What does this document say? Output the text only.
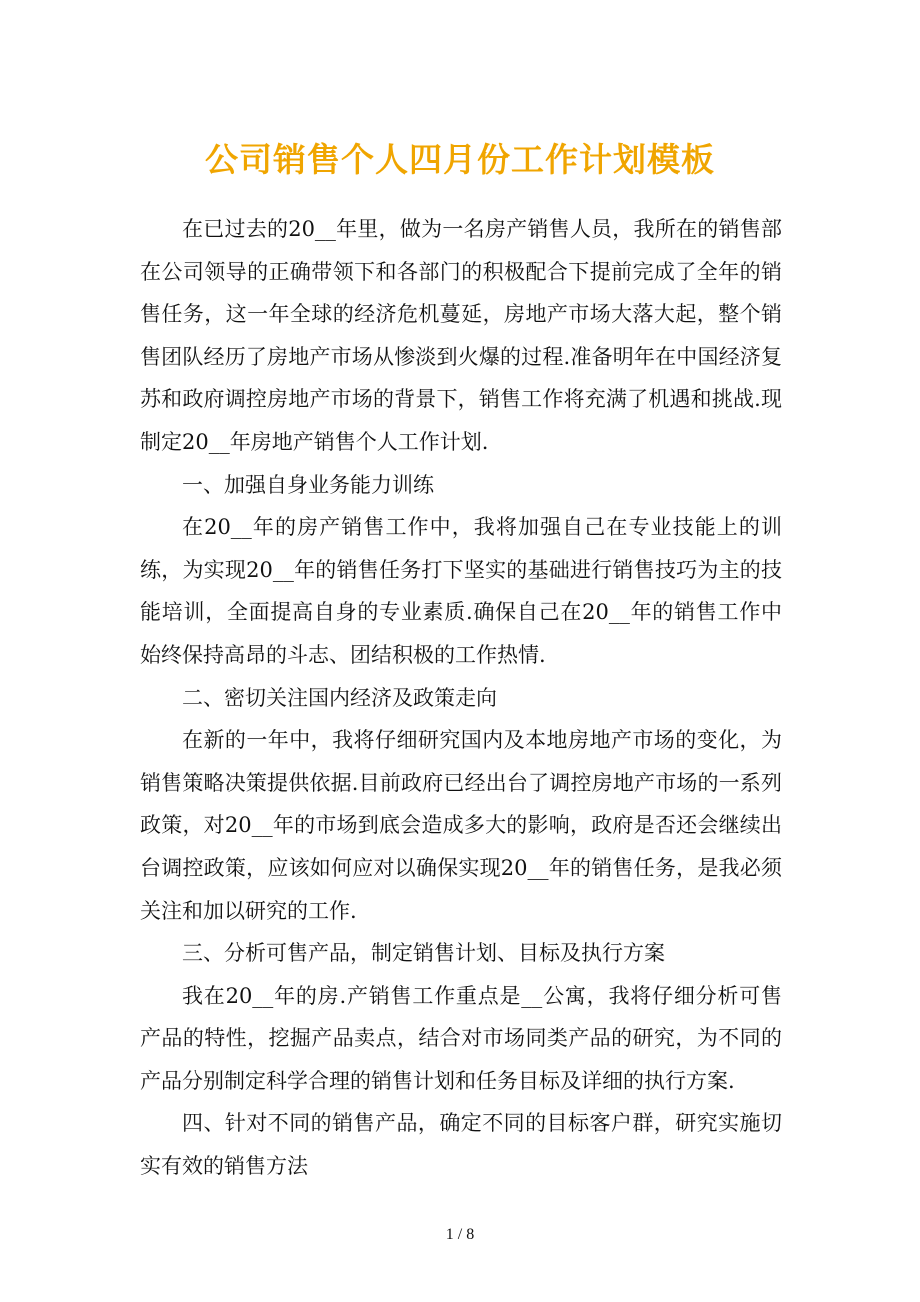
公司销售个人四月份工作计划模板

在已过去的20__年里，做为一名房产销售人员，我所在的销售部在公司领导的正确带领下和各部门的积极配合下提前完成了全年的销售任务，这一年全球的经济危机蔓延，房地产市场大落大起，整个销售团队经历了房地产市场从惨淡到火爆的过程.准备明年在中国经济复苏和政府调控房地产市场的背景下，销售工作将充满了机遇和挑战.现制定20__年房地产销售个人工作计划.

一、加强自身业务能力训练

在20__年的房产销售工作中，我将加强自己在专业技能上的训练，为实现20__年的销售任务打下坚实的基础进行销售技巧为主的技能培训，全面提高自身的专业素质.确保自己在20__年的销售工作中始终保持高昂的斗志、团结积极的工作热情.

二、密切关注国内经济及政策走向

在新的一年中，我将仔细研究国内及本地房地产市场的变化，为销售策略决策提供依据.目前政府已经出台了调控房地产市场的一系列政策，对20__年的市场到底会造成多大的影响，政府是否还会继续出台调控政策，应该如何应对以确保实现20__年的销售任务，是我必须关注和加以研究的工作.

三、分析可售产品，制定销售计划、目标及执行方案

我在20__年的房.产销售工作重点是__公寓，我将仔细分析可售产品的特性，挖掘产品卖点，结合对市场同类产品的研究，为不同的产品分别制定科学合理的销售计划和任务目标及详细的执行方案.

四、针对不同的销售产品，确定不同的目标客户群，研究实施切实有效的销售方法

1 / 8
